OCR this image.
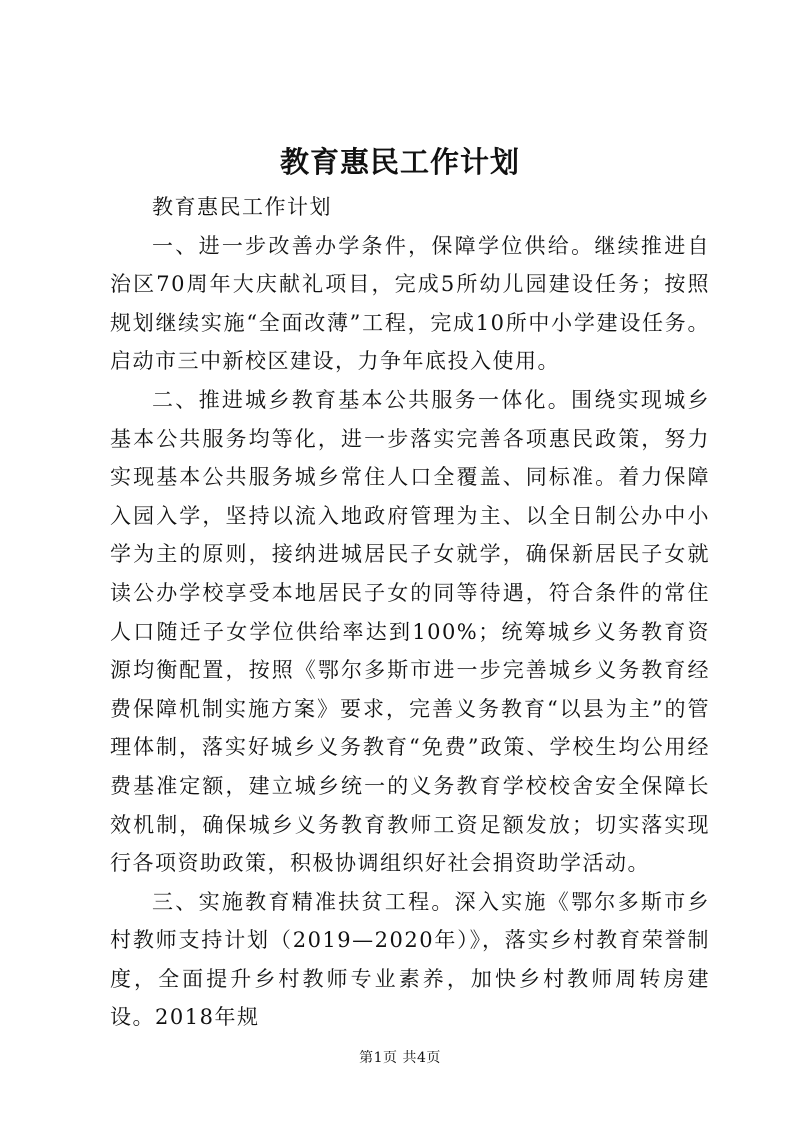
教育惠民工作计划

教育惠民工作计划

一、进一步改善办学条件，保障学位供给。继续推进自治区70周年大庆献礼项目，完成5所幼儿园建设任务；按照规划继续实施“全面改薄”工程，完成10所中小学建设任务。启动市三中新校区建设，力争年底投入使用。

二、推进城乡教育基本公共服务一体化。围绕实现城乡基本公共服务均等化，进一步落实完善各项惠民政策，努力实现基本公共服务城乡常住人口全覆盖、同标准。着力保障入园入学，坚持以流入地政府管理为主、以全日制公办中小学为主的原则，接纳进城居民子女就学，确保新居民子女就读公办学校享受本地居民子女的同等待遇，符合条件的常住人口随迁子女学位供给率达到100%；统筹城乡义务教育资源均衡配置，按照《鄂尔多斯市进一步完善城乡义务教育经费保障机制实施方案》要求，完善义务教育“以县为主”的管理体制，落实好城乡义务教育“免费”政策、学校生均公用经费基准定额，建立城乡统一的义务教育学校校舍安全保障长效机制，确保城乡义务教育教师工资足额发放；切实落实现行各项资助政策，积极协调组织好社会捐资助学活动。

三、实施教育精准扶贫工程。深入实施《鄂尔多斯市乡村教师支持计划（2019—2020年）》，落实乡村教育荣誉制度，全面提升乡村教师专业素养，加快乡村教师周转房建设。2018年规

第1页 共4页
